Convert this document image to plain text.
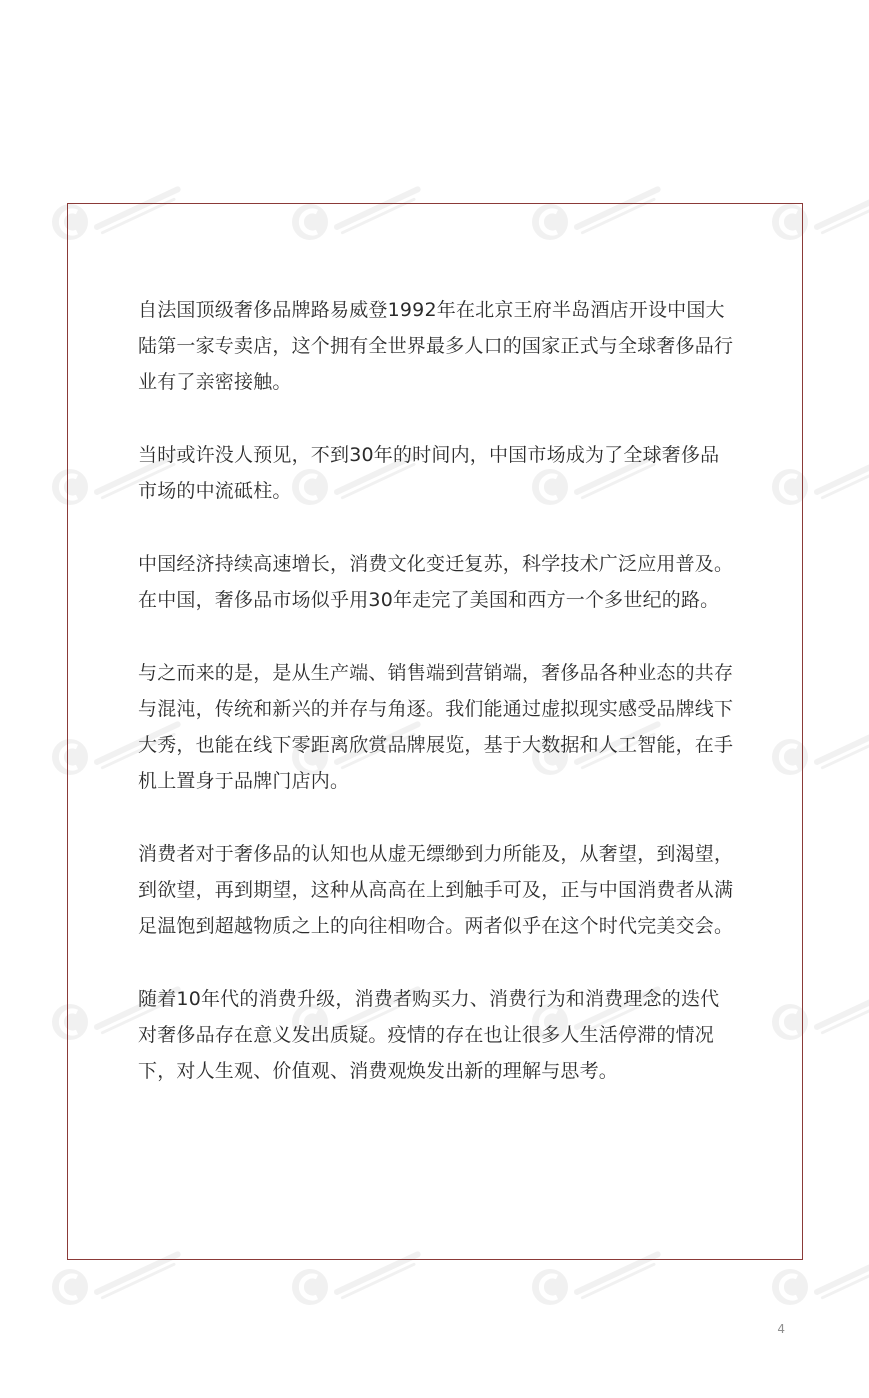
自法国顶级奢侈品牌路易威登1992年在北京王府半岛酒店开设中国大陆第一家专卖店，这个拥有全世界最多人口的国家正式与全球奢侈品行业有了亲密接触。

当时或许没人预见，不到30年的时间内，中国市场成为了全球奢侈品市场的中流砥柱。

中国经济持续高速增长，消费文化变迁复苏，科学技术广泛应用普及。在中国，奢侈品市场似乎用30年走完了美国和西方一个多世纪的路。

与之而来的是，是从生产端、销售端到营销端，奢侈品各种业态的共存与混沌，传统和新兴的并存与角逐。我们能通过虚拟现实感受品牌线下大秀，也能在线下零距离欣赏品牌展览，基于大数据和人工智能，在手机上置身于品牌门店内。

消费者对于奢侈品的认知也从虚无缥缈到力所能及，从奢望，到渴望，到欲望，再到期望，这种从高高在上到触手可及，正与中国消费者从满足温饱到超越物质之上的向往相吻合。两者似乎在这个时代完美交会。

随着10年代的消费升级，消费者购买力、消费行为和消费理念的迭代对奢侈品存在意义发出质疑。疫情的存在也让很多人生活停滞的情况下，对人生观、价值观、消费观焕发出新的理解与思考。

4
